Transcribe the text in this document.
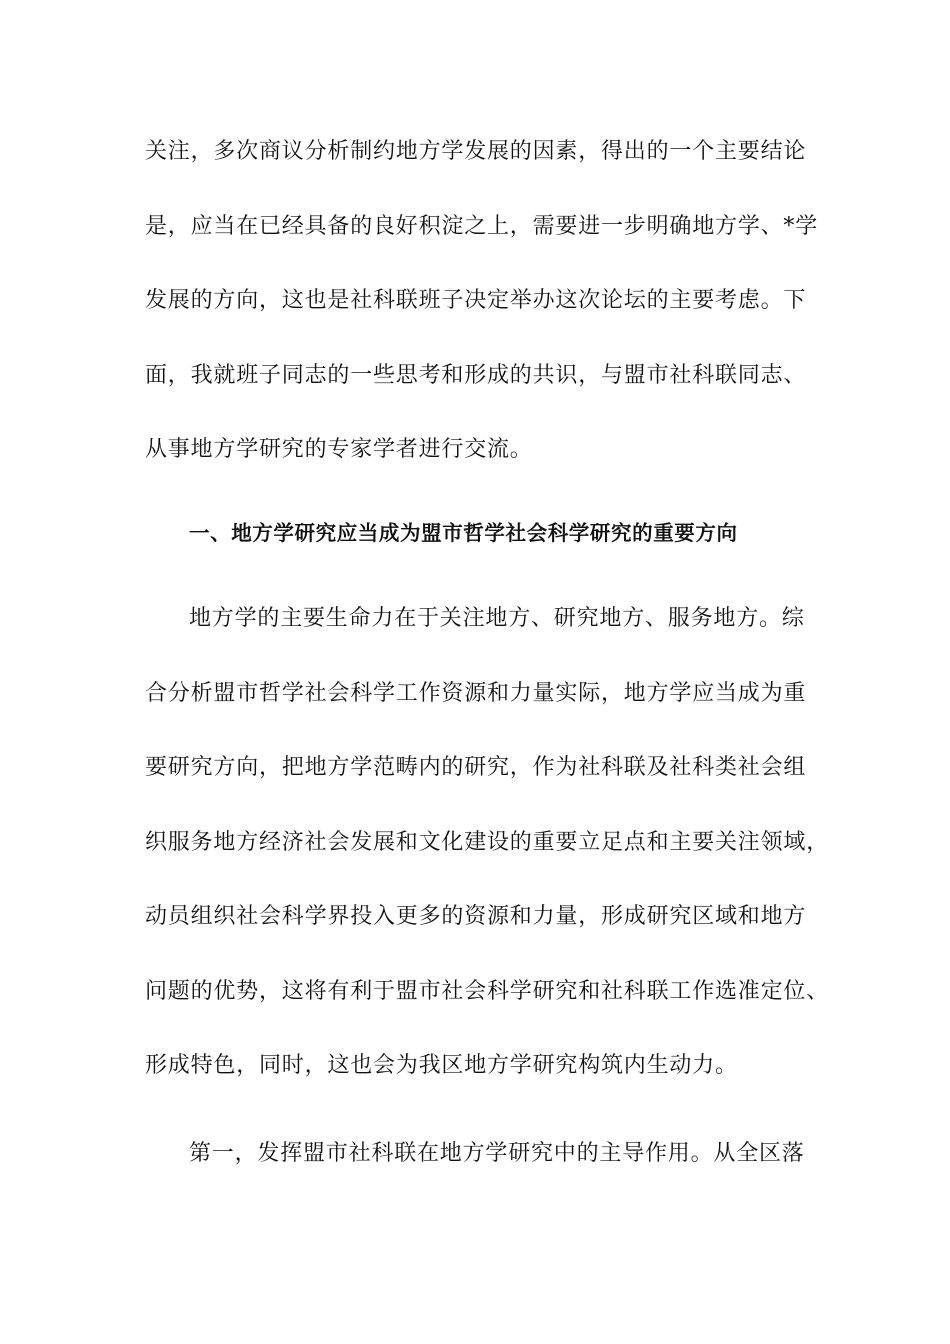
关注，多次商议分析制约地方学发展的因素，得出的一个主要结论
是，应当在已经具备的良好积淀之上，需要进一步明确地方学、*学
发展的方向，这也是社科联班子决定举办这次论坛的主要考虑。下
面，我就班子同志的一些思考和形成的共识，与盟市社科联同志、
从事地方学研究的专家学者进行交流。
一、地方学研究应当成为盟市哲学社会科学研究的重要方向
地方学的主要生命力在于关注地方、研究地方、服务地方。综
合分析盟市哲学社会科学工作资源和力量实际，地方学应当成为重
要研究方向，把地方学范畴内的研究，作为社科联及社科类社会组
织服务地方经济社会发展和文化建设的重要立足点和主要关注领域，
动员组织社会科学界投入更多的资源和力量，形成研究区域和地方
问题的优势，这将有利于盟市社会科学研究和社科联工作选准定位、
形成特色，同时，这也会为我区地方学研究构筑内生动力。
第一，发挥盟市社科联在地方学研究中的主导作用。从全区落
